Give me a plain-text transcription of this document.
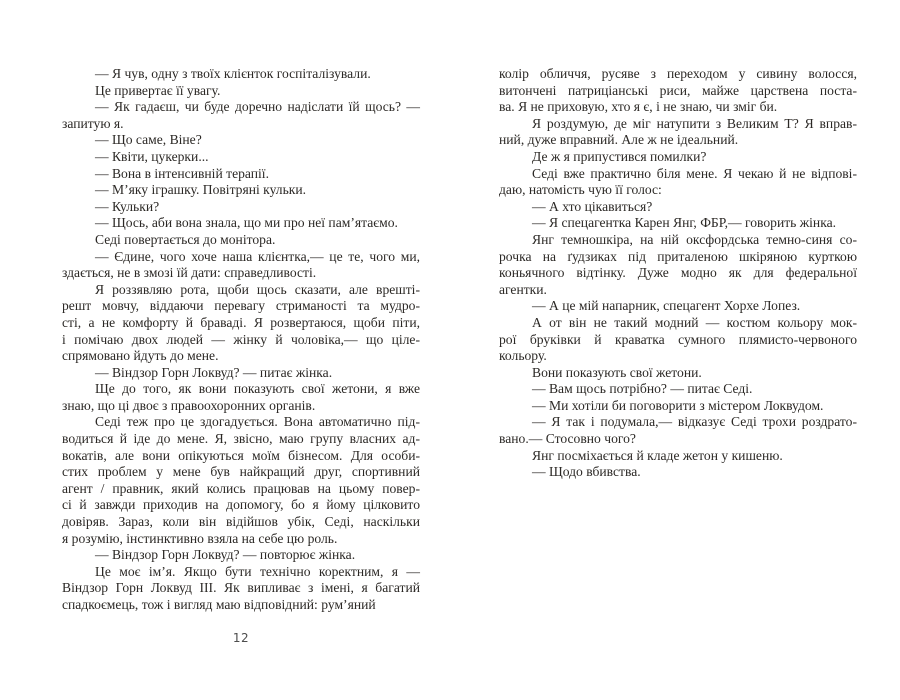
— Я чув, одну з твоїх клієнток госпіталізували.
Це привертає її увагу.
— Як гадаєш, чи буде доречно надіслати їй щось? —
запитую я.
— Що саме, Віне?
— Квіти, цукерки...
— Вона в інтенсивній терапії.
— М’яку іграшку. Повітряні кульки.
— Кульки?
— Щось, аби вона знала, що ми про неї пам’ятаємо.
Седі повертається до монітора.
— Єдине, чого хоче наша клієнтка,— це те, чого ми,
здається, не в змозі їй дати: справедливості.
Я роззявляю рота, щоби щось сказати, але врешті-
решт мовчу, віддаючи перевагу стриманості та мудро-
сті, а не комфорту й браваді. Я розвертаюся, щоби піти,
і помічаю двох людей — жінку й чоловіка,— що ціле-
спрямовано йдуть до мене.
— Віндзор Горн Локвуд? — питає жінка.
Ще до того, як вони показують свої жетони, я вже
знаю, що ці двоє з правоохоронних органів.
Седі теж про це здогадується. Вона автоматично під-
водиться й іде до мене. Я, звісно, маю групу власних ад-
вокатів, але вони опікуються моїм бізнесом. Для особи-
стих проблем у мене був найкращий друг, спортивний
агент / правник, який колись працював на цьому повер-
сі й завжди приходив на допомогу, бо я йому цілковито
довіряв. Зараз, коли він відійшов убік, Седі, наскільки
я розумію, інстинктивно взяла на себе цю роль.
— Віндзор Горн Локвуд? — повторює жінка.
Це моє ім’я. Якщо бути технічно коректним, я —
Віндзор Горн Локвуд III. Як випливає з імені, я багатий
спадкоємець, тож і вигляд маю відповідний: рум’яний
колір обличчя, русяве з переходом у сивину волосся,
витончені патриціанські риси, майже царствена поста-
ва. Я не приховую, хто я є, і не знаю, чи зміг би.
Я роздумую, де міг натупити з Великим Т? Я вправ-
ний, дуже вправний. Але ж не ідеальний.
Де ж я припустився помилки?
Седі вже практично біля мене. Я чекаю й не відпові-
даю, натомість чую її голос:
— А хто цікавиться?
— Я спецагентка Карен Янг, ФБР,— говорить жінка.
Янг темношкіра, на ній оксфордська темно-синя со-
рочка на ґудзиках під приталеною шкіряною курткою
коньячного відтінку. Дуже модно як для федеральної
агентки.
— А це мій напарник, спецагент Хорхе Лопез.
А от він не такий модний — костюм кольору мок-
рої бруківки й краватка сумного плямисто-червоного
кольору.
Вони показують свої жетони.
— Вам щось потрібно? — питає Седі.
— Ми хотіли би поговорити з містером Локвудом.
— Я так і подумала,— відказує Седі трохи роздрато-
вано.— Стосовно чого?
Янг посміхається й кладе жетон у кишеню.
— Щодо вбивства.
12
